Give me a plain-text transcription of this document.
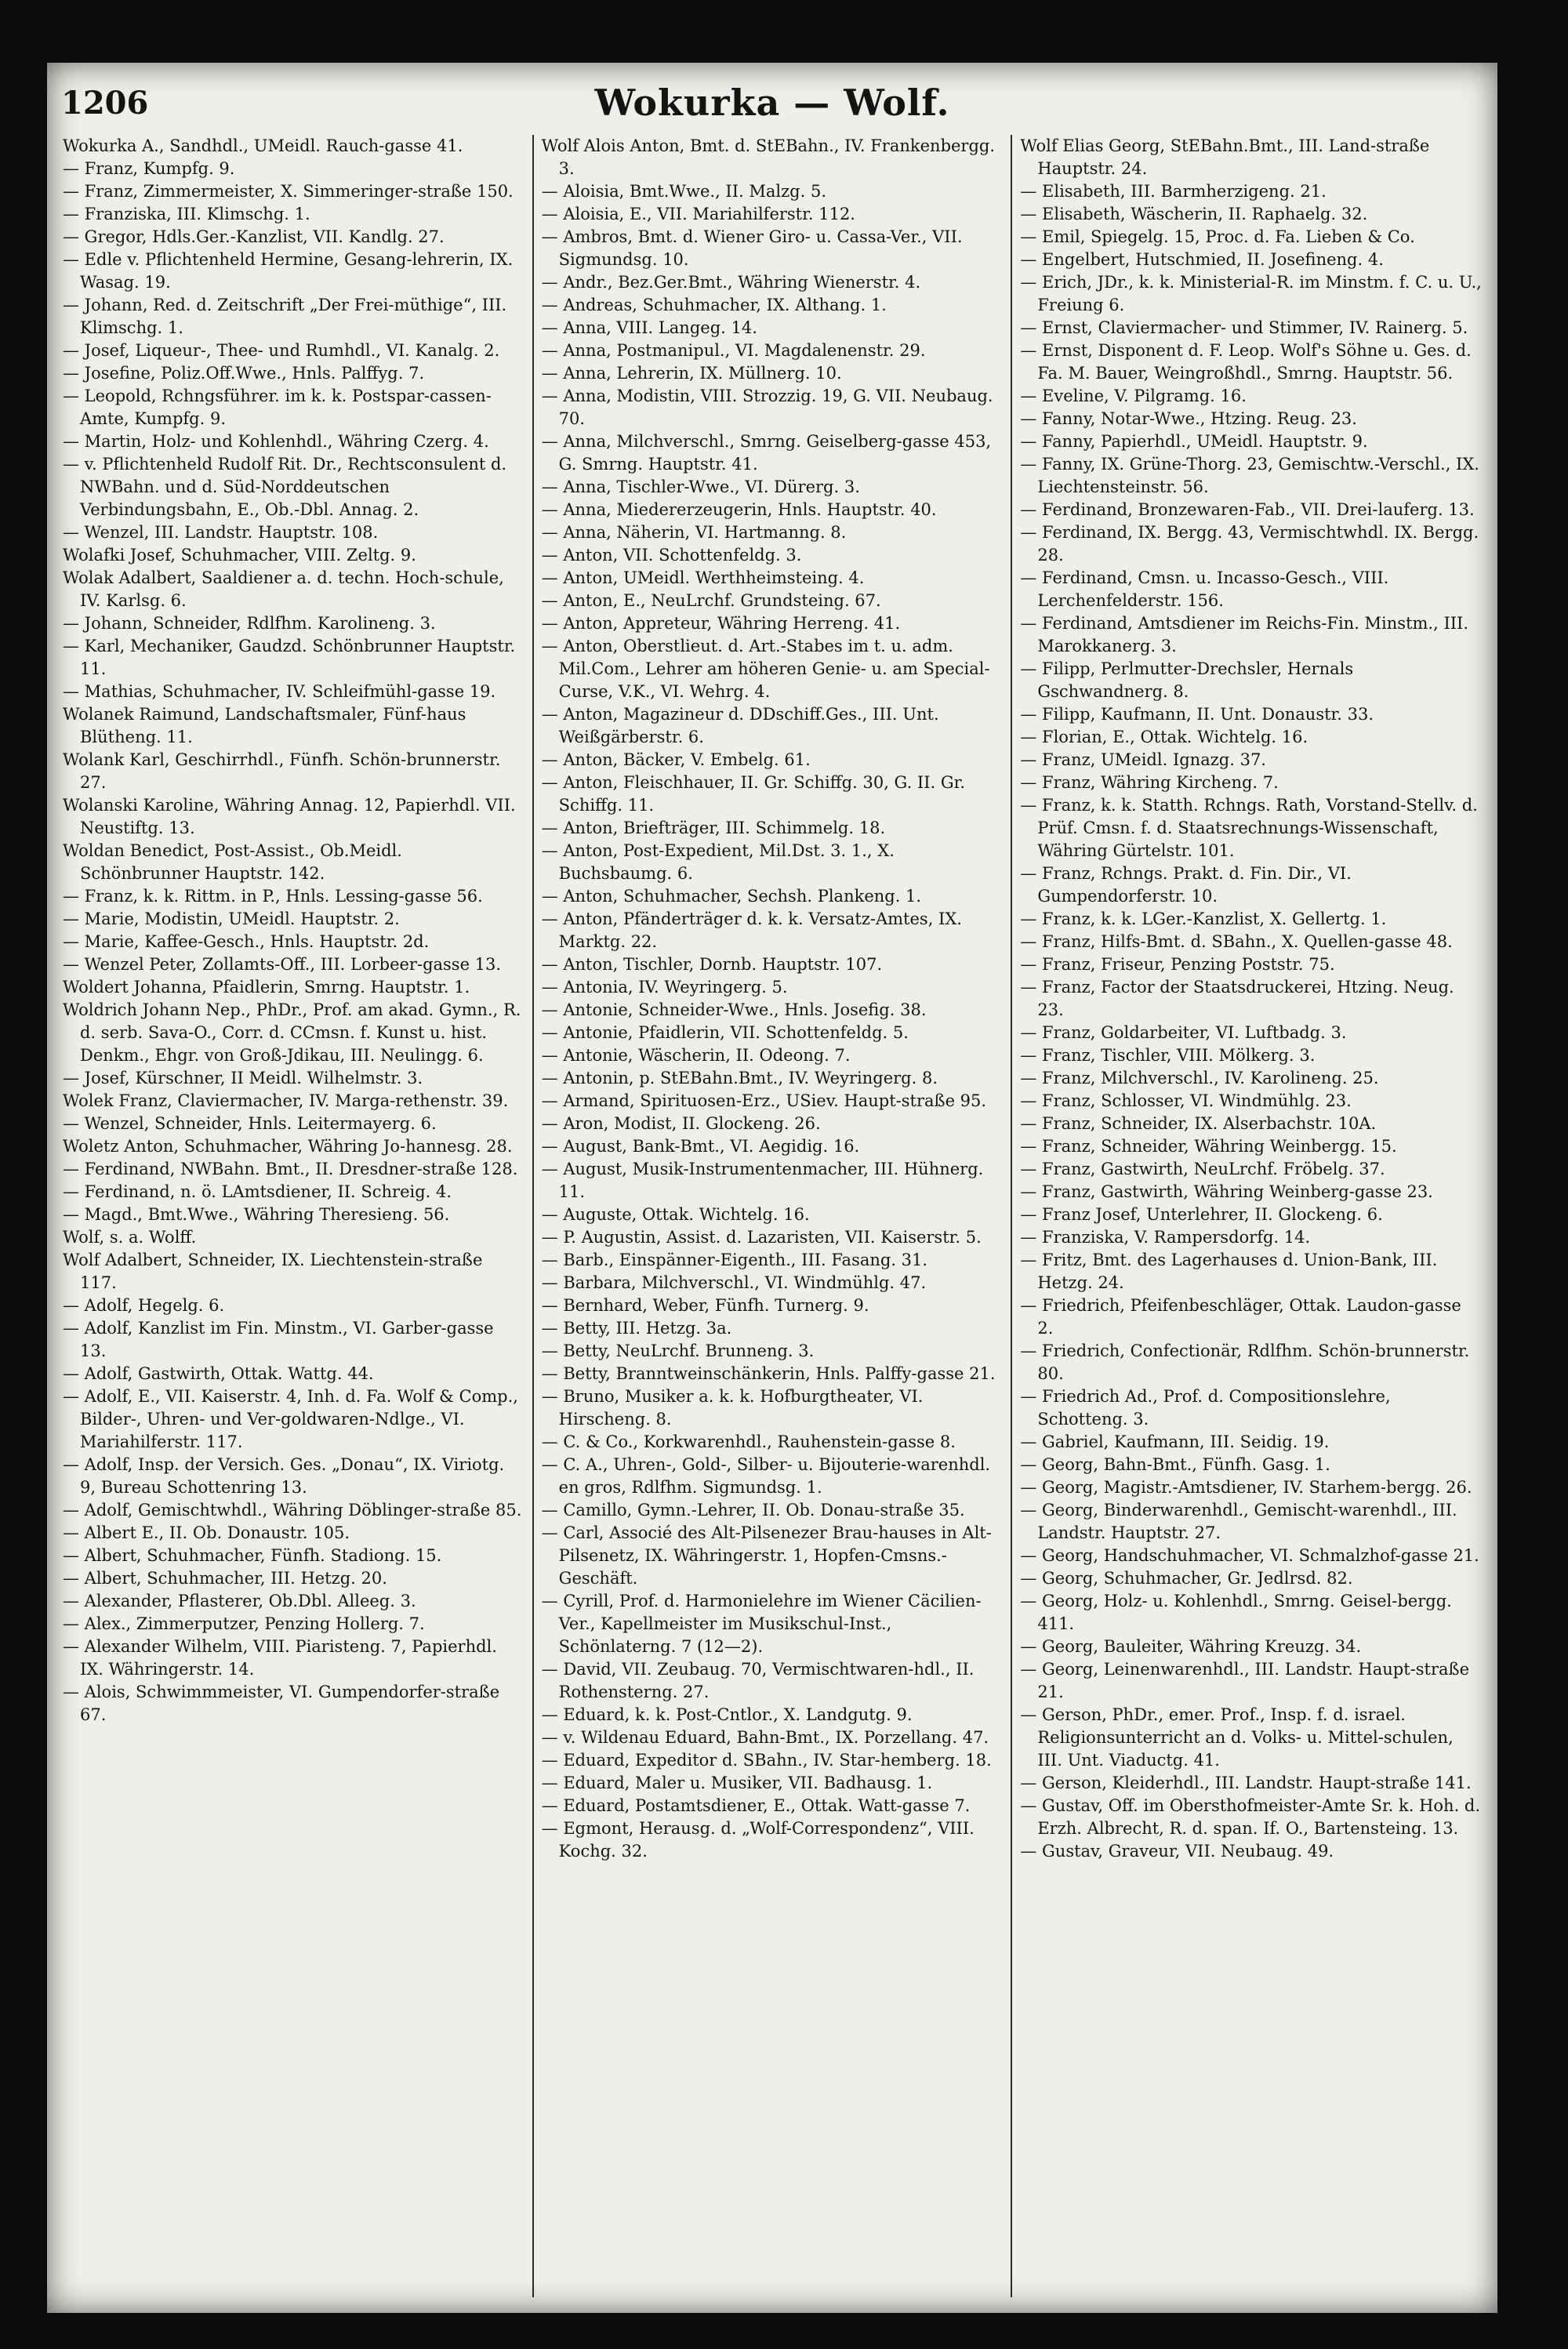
1206	Wokurka — Wolf.

Wokurka A., Sandhdl., UMeidl. Rauch-gasse 41.

— Franz, Kumpfg. 9.

— Franz, Zimmermeister, X. Simmeringer-straße 150.

— Franziska, III. Klimschg. 1.

— Gregor, Hdls.Ger.-Kanzlist, VII. Kandlg. 27.

— Edle v. Pflichtenheld Hermine, Gesang-lehrerin, IX. Wasag. 19.

— Johann, Red. d. Zeitschrift „Der Frei-müthige“, III. Klimschg. 1.

— Josef, Liqueur-, Thee- und Rumhdl., VI. Kanalg. 2.

— Josefine, Poliz.Off.Wwe., Hnls. Palffyg. 7.

— Leopold, Rchngsführer. im k. k. Postspar-cassen-Amte, Kumpfg. 9.

— Martin, Holz- und Kohlenhdl., Währing Czerg. 4.

— v. Pflichtenheld Rudolf Rit. Dr., Rechtsconsulent d. NWBahn. und d. Süd-Norddeutschen Verbindungsbahn, E., Ob.-Dbl. Annag. 2.

— Wenzel, III. Landstr. Hauptstr. 108.

Wolafki Josef, Schuhmacher, VIII. Zeltg. 9.

Wolak Adalbert, Saaldiener a. d. techn. Hoch-schule, IV. Karlsg. 6.

— Johann, Schneider, Rdlfhm. Karolineng. 3.

— Karl, Mechaniker, Gaudzd. Schönbrunner Hauptstr. 11.

— Mathias, Schuhmacher, IV. Schleifmühl-gasse 19.

Wolanek Raimund, Landschaftsmaler, Fünf-haus Blütheng. 11.

Wolank Karl, Geschirrhdl., Fünfh. Schön-brunnerstr. 27.

Wolanski Karoline, Währing Annag. 12, Papierhdl. VII. Neustiftg. 13.

Woldan Benedict, Post-Assist., Ob.Meidl. Schönbrunner Hauptstr. 142.

— Franz, k. k. Rittm. in P., Hnls. Lessing-gasse 56.

— Marie, Modistin, UMeidl. Hauptstr. 2.

— Marie, Kaffee-Gesch., Hnls. Hauptstr. 2d.

— Wenzel Peter, Zollamts-Off., III. Lorbeer-gasse 13.

Woldert Johanna, Pfaidlerin, Smrng. Hauptstr. 1.

Woldrich Johann Nep., PhDr., Prof. am akad. Gymn., R. d. serb. Sava-O., Corr. d. CCmsn. f. Kunst u. hist. Denkm., Ehgr. von Groß-Jdikau, III. Neulingg. 6.

— Josef, Kürschner, II Meidl. Wilhelmstr. 3.

Wolek Franz, Claviermacher, IV. Marga-rethenstr. 39.

— Wenzel, Schneider, Hnls. Leitermayerg. 6.

Woletz Anton, Schuhmacher, Währing Jo-hannesg. 28.

— Ferdinand, NWBahn. Bmt., II. Dresdner-straße 128.

— Ferdinand, n. ö. LAmtsdiener, II. Schreig. 4.

— Magd., Bmt.Wwe., Währing Theresieng. 56.

Wolf, s. a. Wolff.

Wolf Adalbert, Schneider, IX. Liechtenstein-straße 117.

— Adolf, Hegelg. 6.

— Adolf, Kanzlist im Fin. Minstm., VI. Garber-gasse 13.

— Adolf, Gastwirth, Ottak. Wattg. 44.

— Adolf, E., VII. Kaiserstr. 4, Inh. d. Fa. Wolf & Comp., Bilder-, Uhren- und Ver-goldwaren-Ndlge., VI. Mariahilferstr. 117.

— Adolf, Insp. der Versich. Ges. „Donau“, IX. Viriotg. 9, Bureau Schottenring 13.

— Adolf, Gemischtwhdl., Währing Döblinger-straße 85.

— Albert E., II. Ob. Donaustr. 105.

— Albert, Schuhmacher, Fünfh. Stadiong. 15.

— Albert, Schuhmacher, III. Hetzg. 20.

— Alexander, Pflasterer, Ob.Dbl. Alleeg. 3.

— Alex., Zimmerputzer, Penzing Hollerg. 7.

— Alexander Wilhelm, VIII. Piaristeng. 7, Papierhdl. IX. Währingerstr. 14.

— Alois, Schwimmmeister, VI. Gumpendorfer-straße 67.

Wolf Alois Anton, Bmt. d. StEBahn., IV. Frankenbergg. 3.

— Aloisia, Bmt.Wwe., II. Malzg. 5.

— Aloisia, E., VII. Mariahilferstr. 112.

— Ambros, Bmt. d. Wiener Giro- u. Cassa-Ver., VII. Sigmundsg. 10.

— Andr., Bez.Ger.Bmt., Währing Wienerstr. 4.

— Andreas, Schuhmacher, IX. Althang. 1.

— Anna, VIII. Langeg. 14.

— Anna, Postmanipul., VI. Magdalenenstr. 29.

— Anna, Lehrerin, IX. Müllnerg. 10.

— Anna, Modistin, VIII. Strozzig. 19, G. VII. Neubaug. 70.

— Anna, Milchverschl., Smrng. Geiselberg-gasse 453, G. Smrng. Hauptstr. 41.

— Anna, Tischler-Wwe., VI. Dürerg. 3.

— Anna, Miedererzeugerin, Hnls. Hauptstr. 40.

— Anna, Näherin, VI. Hartmanng. 8.

— Anton, VII. Schottenfeldg. 3.

— Anton, UMeidl. Werthheimsteing. 4.

— Anton, E., NeuLrchf. Grundsteing. 67.

— Anton, Appreteur, Währing Herreng. 41.

— Anton, Oberstlieut. d. Art.-Stabes im t. u. adm. Mil.Com., Lehrer am höheren Genie- u. am Special-Curse, V.K., VI. Wehrg. 4.

— Anton, Magazineur d. DDschiff.Ges., III. Unt. Weißgärberstr. 6.

— Anton, Bäcker, V. Embelg. 61.

— Anton, Fleischhauer, II. Gr. Schiffg. 30, G. II. Gr. Schiffg. 11.

— Anton, Briefträger, III. Schimmelg. 18.

— Anton, Post-Expedient, Mil.Dst. 3. 1., X. Buchsbaumg. 6.

— Anton, Schuhmacher, Sechsh. Plankeng. 1.

— Anton, Pfänderträger d. k. k. Versatz-Amtes, IX. Marktg. 22.

— Anton, Tischler, Dornb. Hauptstr. 107.

— Antonia, IV. Weyringerg. 5.

— Antonie, Schneider-Wwe., Hnls. Josefig. 38.

— Antonie, Pfaidlerin, VII. Schottenfeldg. 5.

— Antonie, Wäscherin, II. Odeong. 7.

— Antonin, p. StEBahn.Bmt., IV. Weyringerg. 8.

— Armand, Spirituosen-Erz., USiev. Haupt-straße 95.

— Aron, Modist, II. Glockeng. 26.

— August, Bank-Bmt., VI. Aegidig. 16.

— August, Musik-Instrumentenmacher, III. Hühnerg. 11.

— Auguste, Ottak. Wichtelg. 16.

— P. Augustin, Assist. d. Lazaristen, VII. Kaiserstr. 5.

— Barb., Einspänner-Eigenth., III. Fasang. 31.

— Barbara, Milchverschl., VI. Windmühlg. 47.

— Bernhard, Weber, Fünfh. Turnerg. 9.

— Betty, III. Hetzg. 3a.

— Betty, NeuLrchf. Brunneng. 3.

— Betty, Branntweinschänkerin, Hnls. Palffy-gasse 21.

— Bruno, Musiker a. k. k. Hofburgtheater, VI. Hirscheng. 8.

— C. & Co., Korkwarenhdl., Rauhenstein-gasse 8.

— C. A., Uhren-, Gold-, Silber- u. Bijouterie-warenhdl. en gros, Rdlfhm. Sigmundsg. 1.

— Camillo, Gymn.-Lehrer, II. Ob. Donau-straße 35.

— Carl, Associé des Alt-Pilsenezer Brau-hauses in Alt-Pilsenetz, IX. Währingerstr. 1, Hopfen-Cmsns.-Geschäft.

— Cyrill, Prof. d. Harmonielehre im Wiener Cäcilien-Ver., Kapellmeister im Musikschul-Inst., Schönlaterng. 7 (12—2).

— David, VII. Zeubaug. 70, Vermischtwaren-hdl., II. Rothensterng. 27.

— Eduard, k. k. Post-Cntlor., X. Landgutg. 9.

— v. Wildenau Eduard, Bahn-Bmt., IX. Porzellang. 47.

— Eduard, Expeditor d. SBahn., IV. Star-hemberg. 18.

— Eduard, Maler u. Musiker, VII. Badhausg. 1.

— Eduard, Postamtsdiener, E., Ottak. Watt-gasse 7.

— Egmont, Herausg. d. „Wolf-Correspondenz“, VIII. Kochg. 32.

Wolf Elias Georg, StEBahn.Bmt., III. Land-straße Hauptstr. 24.

— Elisabeth, III. Barmherzigeng. 21.

— Elisabeth, Wäscherin, II. Raphaelg. 32.

— Emil, Spiegelg. 15, Proc. d. Fa. Lieben & Co.

— Engelbert, Hutschmied, II. Josefineng. 4.

— Erich, JDr., k. k. Ministerial-R. im Minstm. f. C. u. U., Freiung 6.

— Ernst, Claviermacher- und Stimmer, IV. Rainerg. 5.

— Ernst, Disponent d. F. Leop. Wolf's Söhne u. Ges. d. Fa. M. Bauer, Weingroßhdl., Smrng. Hauptstr. 56.

— Eveline, V. Pilgramg. 16.

— Fanny, Notar-Wwe., Htzing. Reug. 23.

— Fanny, Papierhdl., UMeidl. Hauptstr. 9.

— Fanny, IX. Grüne-Thorg. 23, Gemischtw.-Verschl., IX. Liechtensteinstr. 56.

— Ferdinand, Bronzewaren-Fab., VII. Drei-lauferg. 13.

— Ferdinand, IX. Bergg. 43, Vermischtwhdl. IX. Bergg. 28.

— Ferdinand, Cmsn. u. Incasso-Gesch., VIII. Lerchenfelderstr. 156.

— Ferdinand, Amtsdiener im Reichs-Fin. Minstm., III. Marokkanerg. 3.

— Filipp, Perlmutter-Drechsler, Hernals Gschwandnerg. 8.

— Filipp, Kaufmann, II. Unt. Donaustr. 33.

— Florian, E., Ottak. Wichtelg. 16.

— Franz, UMeidl. Ignazg. 37.

— Franz, Währing Kircheng. 7.

— Franz, k. k. Statth. Rchngs. Rath, Vorstand-Stellv. d. Prüf. Cmsn. f. d. Staatsrechnungs-Wissenschaft, Währing Gürtelstr. 101.

— Franz, Rchngs. Prakt. d. Fin. Dir., VI. Gumpendorferstr. 10.

— Franz, k. k. LGer.-Kanzlist, X. Gellertg. 1.

— Franz, Hilfs-Bmt. d. SBahn., X. Quellen-gasse 48.

— Franz, Friseur, Penzing Poststr. 75.

— Franz, Factor der Staatsdruckerei, Htzing. Neug. 23.

— Franz, Goldarbeiter, VI. Luftbadg. 3.

— Franz, Tischler, VIII. Mölkerg. 3.

— Franz, Milchverschl., IV. Karolineng. 25.

— Franz, Schlosser, VI. Windmühlg. 23.

— Franz, Schneider, IX. Alserbachstr. 10A.

— Franz, Schneider, Währing Weinbergg. 15.

— Franz, Gastwirth, NeuLrchf. Fröbelg. 37.

— Franz, Gastwirth, Währing Weinberg-gasse 23.

— Franz Josef, Unterlehrer, II. Glockeng. 6.

— Franziska, V. Rampersdorfg. 14.

— Fritz, Bmt. des Lagerhauses d. Union-Bank, III. Hetzg. 24.

— Friedrich, Pfeifenbeschläger, Ottak. Laudon-gasse 2.

— Friedrich, Confectionär, Rdlfhm. Schön-brunnerstr. 80.

— Friedrich Ad., Prof. d. Compositionslehre, Schotteng. 3.

— Gabriel, Kaufmann, III. Seidig. 19.

— Georg, Bahn-Bmt., Fünfh. Gasg. 1.

— Georg, Magistr.-Amtsdiener, IV. Starhem-bergg. 26.

— Georg, Binderwarenhdl., Gemischt-warenhdl., III. Landstr. Hauptstr. 27.

— Georg, Handschuhmacher, VI. Schmalzhof-gasse 21.

— Georg, Schuhmacher, Gr. Jedlrsd. 82.

— Georg, Holz- u. Kohlenhdl., Smrng. Geisel-bergg. 411.

— Georg, Bauleiter, Währing Kreuzg. 34.

— Georg, Leinenwarenhdl., III. Landstr. Haupt-straße 21.

— Gerson, PhDr., emer. Prof., Insp. f. d. israel. Religionsunterricht an d. Volks- u. Mittel-schulen, III. Unt. Viaductg. 41.

— Gerson, Kleiderhdl., III. Landstr. Haupt-straße 141.

— Gustav, Off. im Obersthofmeister-Amte Sr. k. Hoh. d. Erzh. Albrecht, R. d. span. If. O., Bartensteing. 13.

— Gustav, Graveur, VII. Neubaug. 49.
